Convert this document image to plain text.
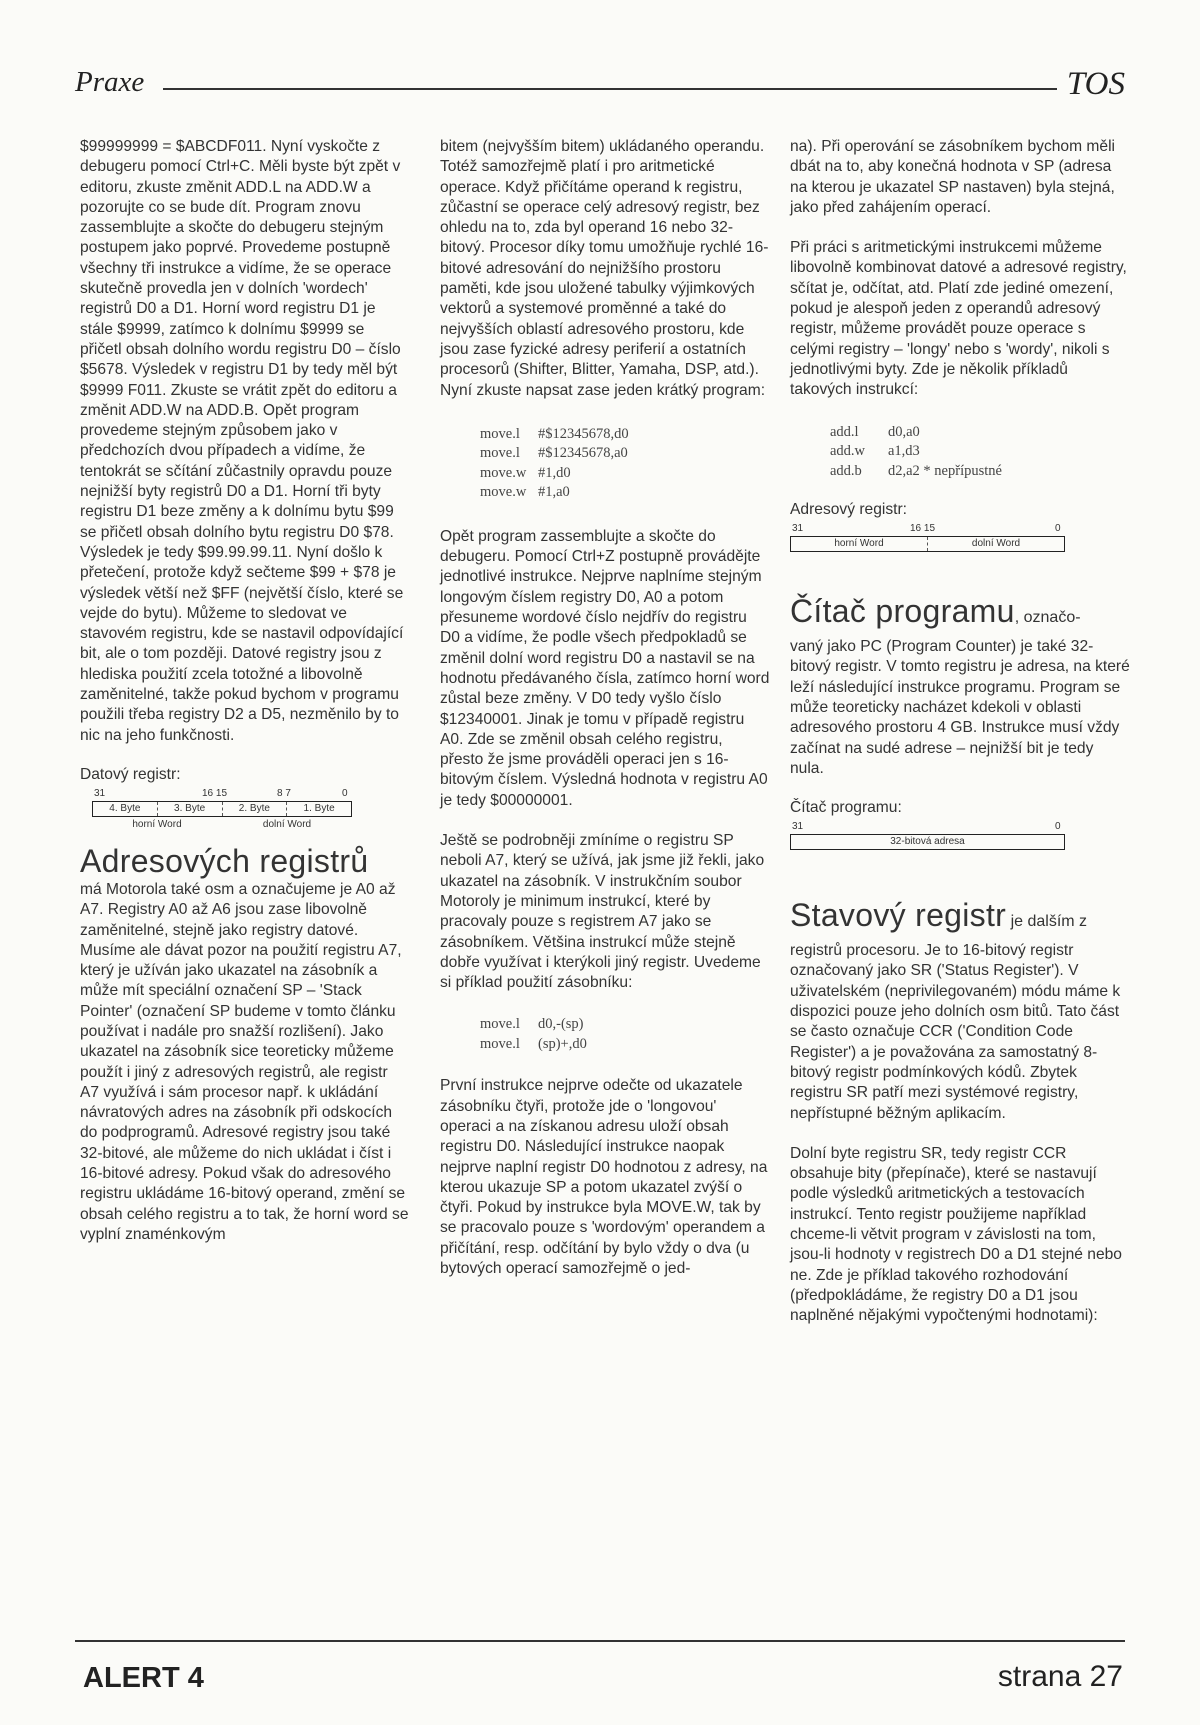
Praxe	TOS

$99999999 = $ABCDF011. Nyní vyskočte z debugeru pomocí Ctrl+C. Měli byste být zpět v editoru, zkuste změnit ADD.L na ADD.W a pozorujte co se bude dít. Program znovu zassemblujte a skočte do debugeru stejným postupem jako poprvé. Provedeme postupně všechny tři instrukce a vidíme, že se operace skutečně provedla jen v dolních 'wordech' registrů D0 a D1. Horní word registru D1 je stále $9999, zatímco k dolnímu $9999 se přičetl obsah dolního wordu registru D0 – číslo $5678. Výsledek v registru D1 by tedy měl být $9999 F011. Zkuste se vrátit zpět do editoru a změnit ADD.W na ADD.B. Opět program provedeme stejným způsobem jako v předchozích dvou případech a vidíme, že tentokrát se sčítání zůčastnily opravdu pouze nejnižší byty registrů D0 a D1. Horní tři byty registru D1 beze změny a k dolnímu bytu $99 se přičetl obsah dolního bytu registru D0 $78. Výsledek je tedy $99.99.99.11. Nyní došlo k přetečení, protože když sečteme $99 + $78 je výsledek větší než $FF (největší číslo, které se vejde do bytu). Můžeme to sledovat ve stavovém registru, kde se nastavil odpovídající bit, ale o tom později. Datové registry jsou z hlediska použití zcela totožné a libovolně zaměnitelné, takže pokud bychom v programu použili třeba registry D2 a D5, nezměnilo by to nic na jeho funkčnosti.

Datový registr:

31	16 15	8 7	0
4. Byte	3. Byte	2. Byte	1. Byte
horní Word	dolní Word
Adresových registrů

má Motorola také osm a označujeme je A0 až A7. Registry A0 až A6 jsou zase libovolně zaměnitelné, stejně jako registry datové. Musíme ale dávat pozor na použití registru A7, který je užíván jako ukazatel na zásobník a může mít speciální označení SP – 'Stack Pointer' (označení SP budeme v tomto článku používat i nadále pro snažší rozlišení). Jako ukazatel na zásobník sice teoreticky můžeme použít i jiný z adresových registrů, ale registr A7 využívá i sám procesor např. k ukládání návratových adres na zásobník při odskocích do podprogramů. Adresové registry jsou také 32-bitové, ale můžeme do nich ukládat i číst i 16-bitové adresy. Pokud však do adresového registru ukládáme 16-bitový operand, změní se obsah celého registru a to tak, že horní word se vyplní znaménkovým

bitem (nejvyšším bitem) ukládaného operandu. Totéž samozřejmě platí i pro aritmetické operace. Když přičítáme operand k registru, zůčastní se operace celý adresový registr, bez ohledu na to, zda byl operand 16 nebo 32-bitový. Procesor díky tomu umožňuje rychlé 16-bitové adresování do nejnižšího prostoru paměti, kde jsou uložené tabulky výjimkových vektorů a systemové proměnné a také do nejvyšších oblastí adresového prostoru, kde jsou zase fyzické adresy periferií a ostatních procesorů (Shifter, Blitter, Yamaha, DSP, atd.). Nyní zkuste napsat zase jeden krátký program:

move.l #$12345678,d0
move.l #$12345678,a0
move.w #1,d0
move.w #1,a0

Opět program zassemblujte a skočte do debugeru. Pomocí Ctrl+Z postupně provádějte jednotlivé instrukce. Nejprve naplníme stejným longovým číslem registry D0, A0 a potom přesuneme wordové číslo nejdřív do registru D0 a vidíme, že podle všech předpokladů se změnil dolní word registru D0 a nastavil se na hodnotu předávaného čísla, zatímco horní word zůstal beze změny. V D0 tedy vyšlo číslo $12340001. Jinak je tomu v případě registru A0. Zde se změnil obsah celého registru, přesto že jsme prováděli operaci jen s 16-bitovým číslem. Výsledná hodnota v registru A0 je tedy $00000001.

Ještě se podrobněji zmíníme o registru SP neboli A7, který se užívá, jak jsme již řekli, jako ukazatel na zásobník. V instrukčním soubor Motoroly je minimum instrukcí, které by pracovaly pouze s registrem A7 jako se zásobníkem. Většina instrukcí může stejně dobře využívat i kterýkoli jiný registr. Uvedeme si příklad použití zásobníku:

move.l d0,-(sp)
move.l (sp)+,d0

První instrukce nejprve odečte od ukazatele zásobníku čtyři, protože jde o 'longovou' operaci a na získanou adresu uloží obsah registru D0. Následující instrukce naopak nejprve naplní registr D0 hodnotou z adresy, na kterou ukazuje SP a potom ukazatel zvýší o čtyři. Pokud by instrukce byla MOVE.W, tak by se pracovalo pouze s 'wordovým' operandem a přičítání, resp. odčítání by bylo vždy o dva (u bytových operací samozřejmě o jed-

na). Při operování se zásobníkem bychom měli dbát na to, aby konečná hodnota v SP (adresa na kterou je ukazatel SP nastaven) byla stejná, jako před zahájením operací.

Při práci s aritmetickými instrukcemi můžeme libovolně kombinovat datové a adresové registry, sčítat je, odčítat, atd. Platí zde jediné omezení, pokud je alespoň jeden z operandů adresový registr, můžeme provádět pouze operace s celými registry – 'longy' nebo s 'wordy', nikoli s jednotlivými byty. Zde je několik příkladů takových instrukcí:

add.l d0,a0
add.w a1,d3
add.b d2,a2 * nepřípustné

Adresový registr:

31	16 15	0
horní Word	dolní Word
Čítač programu, označo-

vaný jako PC (Program Counter) je také 32-bitový registr. V tomto registru je adresa, na které leží následující instrukce programu. Program se může teoreticky nacházet kdekoli v oblasti adresového prostoru 4 GB. Instrukce musí vždy začínat na sudé adrese – nejnižší bit je tedy nula.

Čítač programu:

31	0
32-bitová adresa
Stavový registr je dalším z

registrů procesoru. Je to 16-bitový registr označovaný jako SR ('Status Register'). V uživatelském (neprivilegovaném) módu máme k dispozici pouze jeho dolních osm bitů. Tato část se často označuje CCR ('Condition Code Register') a je považována za samostatný 8-bitový registr podmínkových kódů. Zbytek registru SR patří mezi systémové registry, nepřístupné běžným aplikacím.

Dolní byte registru SR, tedy registr CCR obsahuje bity (přepínače), které se nastavují podle výsledků aritmetických a testovacích instrukcí. Tento registr použijeme například chceme-li větvit program v závislosti na tom, jsou-li hodnoty v registrech D0 a D1 stejné nebo ne. Zde je příklad takového rozhodování (předpokládáme, že registry D0 a D1 jsou naplněné nějakými vypočtenými hodnotami):

ALERT 4	strana 27
